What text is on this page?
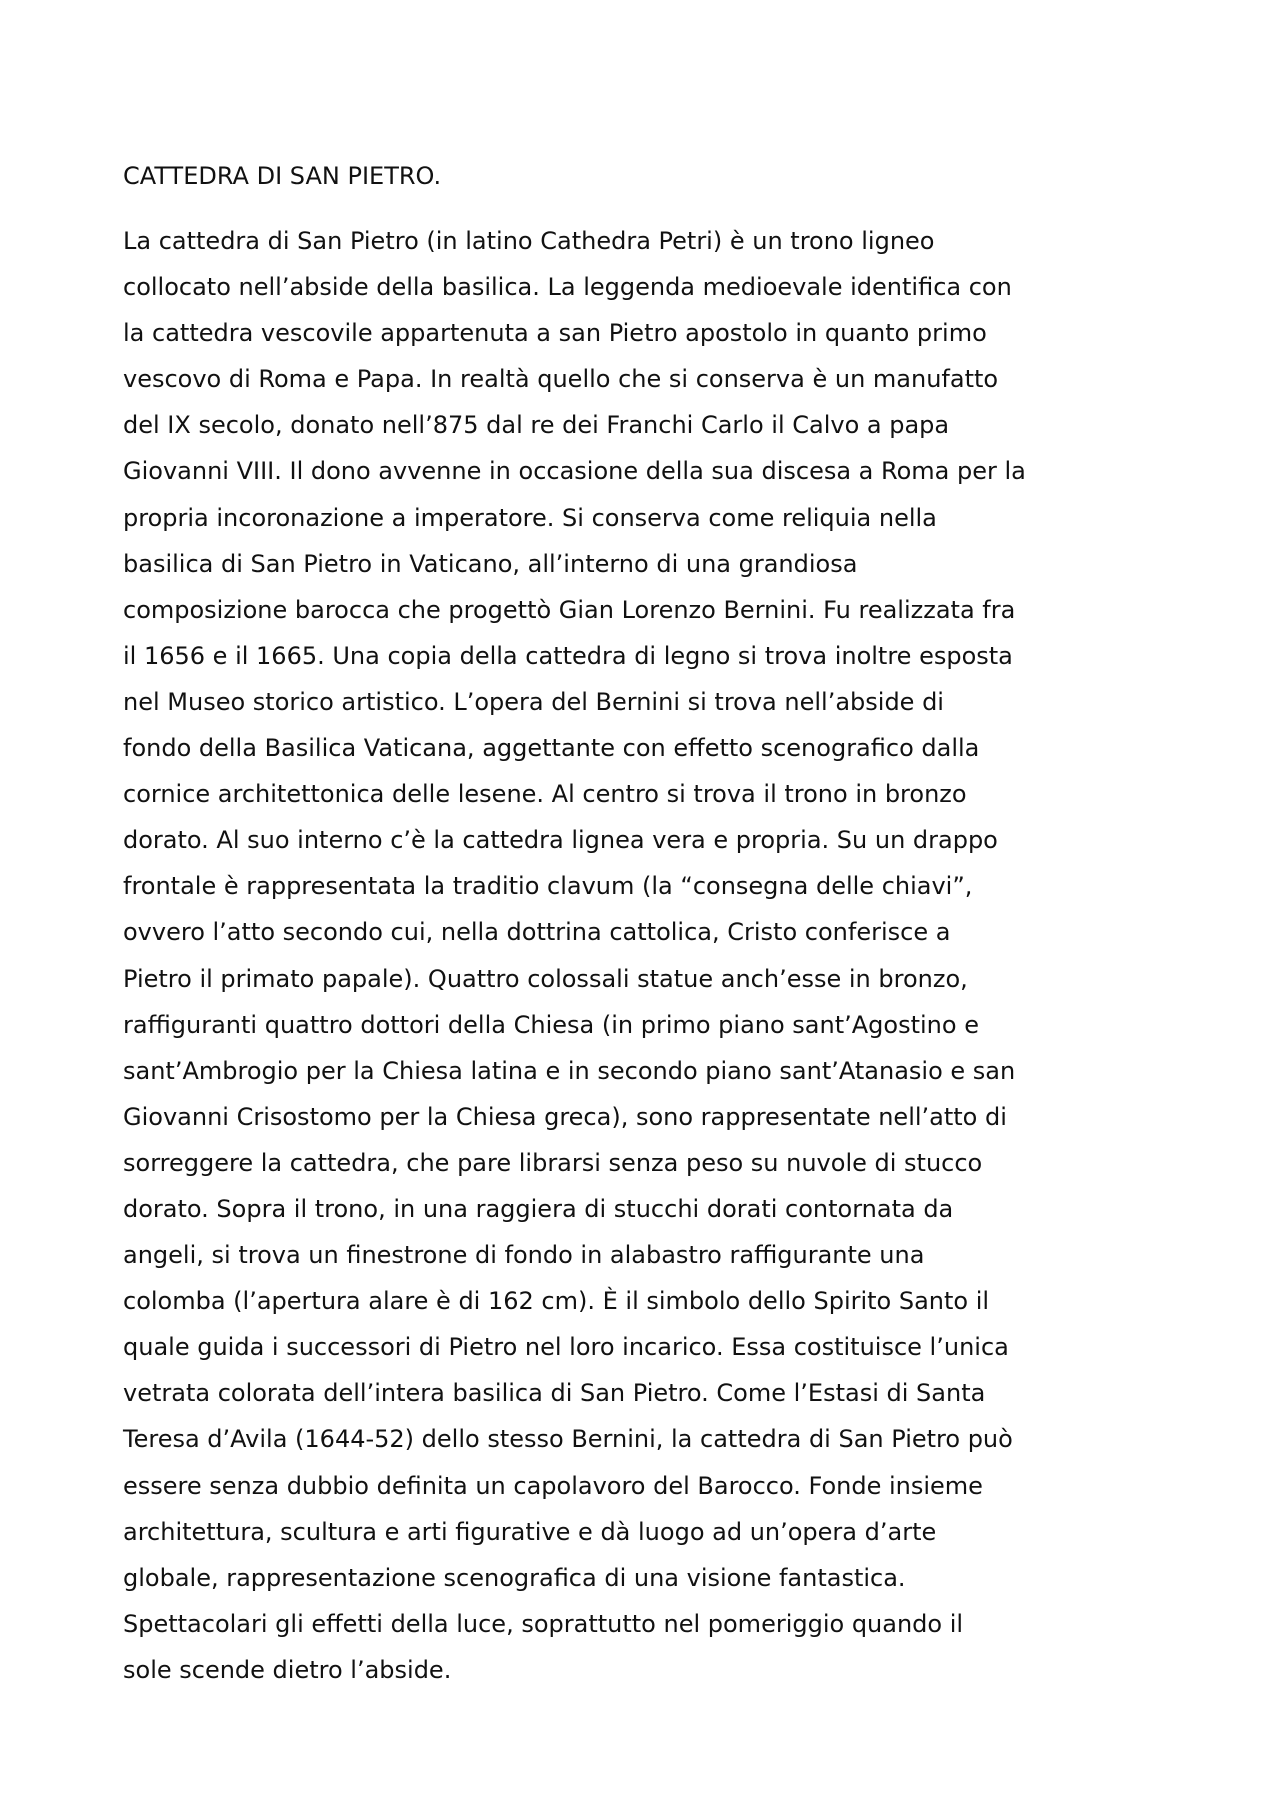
CATTEDRA DI SAN PIETRO.
La cattedra di San Pietro (in latino Cathedra Petri) è un trono ligneo
collocato nell’abside della basilica. La leggenda medioevale identifica con
la cattedra vescovile appartenuta a san Pietro apostolo in quanto primo
vescovo di Roma e Papa. In realtà quello che si conserva è un manufatto
del IX secolo, donato nell’875 dal re dei Franchi Carlo il Calvo a papa
Giovanni VIII. Il dono avvenne in occasione della sua discesa a Roma per la
propria incoronazione a imperatore. Si conserva come reliquia nella
basilica di San Pietro in Vaticano, all’interno di una grandiosa
composizione barocca che progettò Gian Lorenzo Bernini. Fu realizzata fra
il 1656 e il 1665. Una copia della cattedra di legno si trova inoltre esposta
nel Museo storico artistico. L’opera del Bernini si trova nell’abside di
fondo della Basilica Vaticana, aggettante con effetto scenografico dalla
cornice architettonica delle lesene. Al centro si trova il trono in bronzo
dorato. Al suo interno c’è la cattedra lignea vera e propria. Su un drappo
frontale è rappresentata la traditio clavum (la “consegna delle chiavi”,
ovvero l’atto secondo cui, nella dottrina cattolica, Cristo conferisce a
Pietro il primato papale). Quattro colossali statue anch’esse in bronzo,
raffiguranti quattro dottori della Chiesa (in primo piano sant’Agostino e
sant’Ambrogio per la Chiesa latina e in secondo piano sant’Atanasio e san
Giovanni Crisostomo per la Chiesa greca), sono rappresentate nell’atto di
sorreggere la cattedra, che pare librarsi senza peso su nuvole di stucco
dorato. Sopra il trono, in una raggiera di stucchi dorati contornata da
angeli, si trova un finestrone di fondo in alabastro raffigurante una
colomba (l’apertura alare è di 162 cm). È il simbolo dello Spirito Santo il
quale guida i successori di Pietro nel loro incarico. Essa costituisce l’unica
vetrata colorata dell’intera basilica di San Pietro. Come l’Estasi di Santa
Teresa d’Avila (1644-52) dello stesso Bernini, la cattedra di San Pietro può
essere senza dubbio definita un capolavoro del Barocco. Fonde insieme
architettura, scultura e arti figurative e dà luogo ad un’opera d’arte
globale, rappresentazione scenografica di una visione fantastica.
Spettacolari gli effetti della luce, soprattutto nel pomeriggio quando il
sole scende dietro l’abside.
